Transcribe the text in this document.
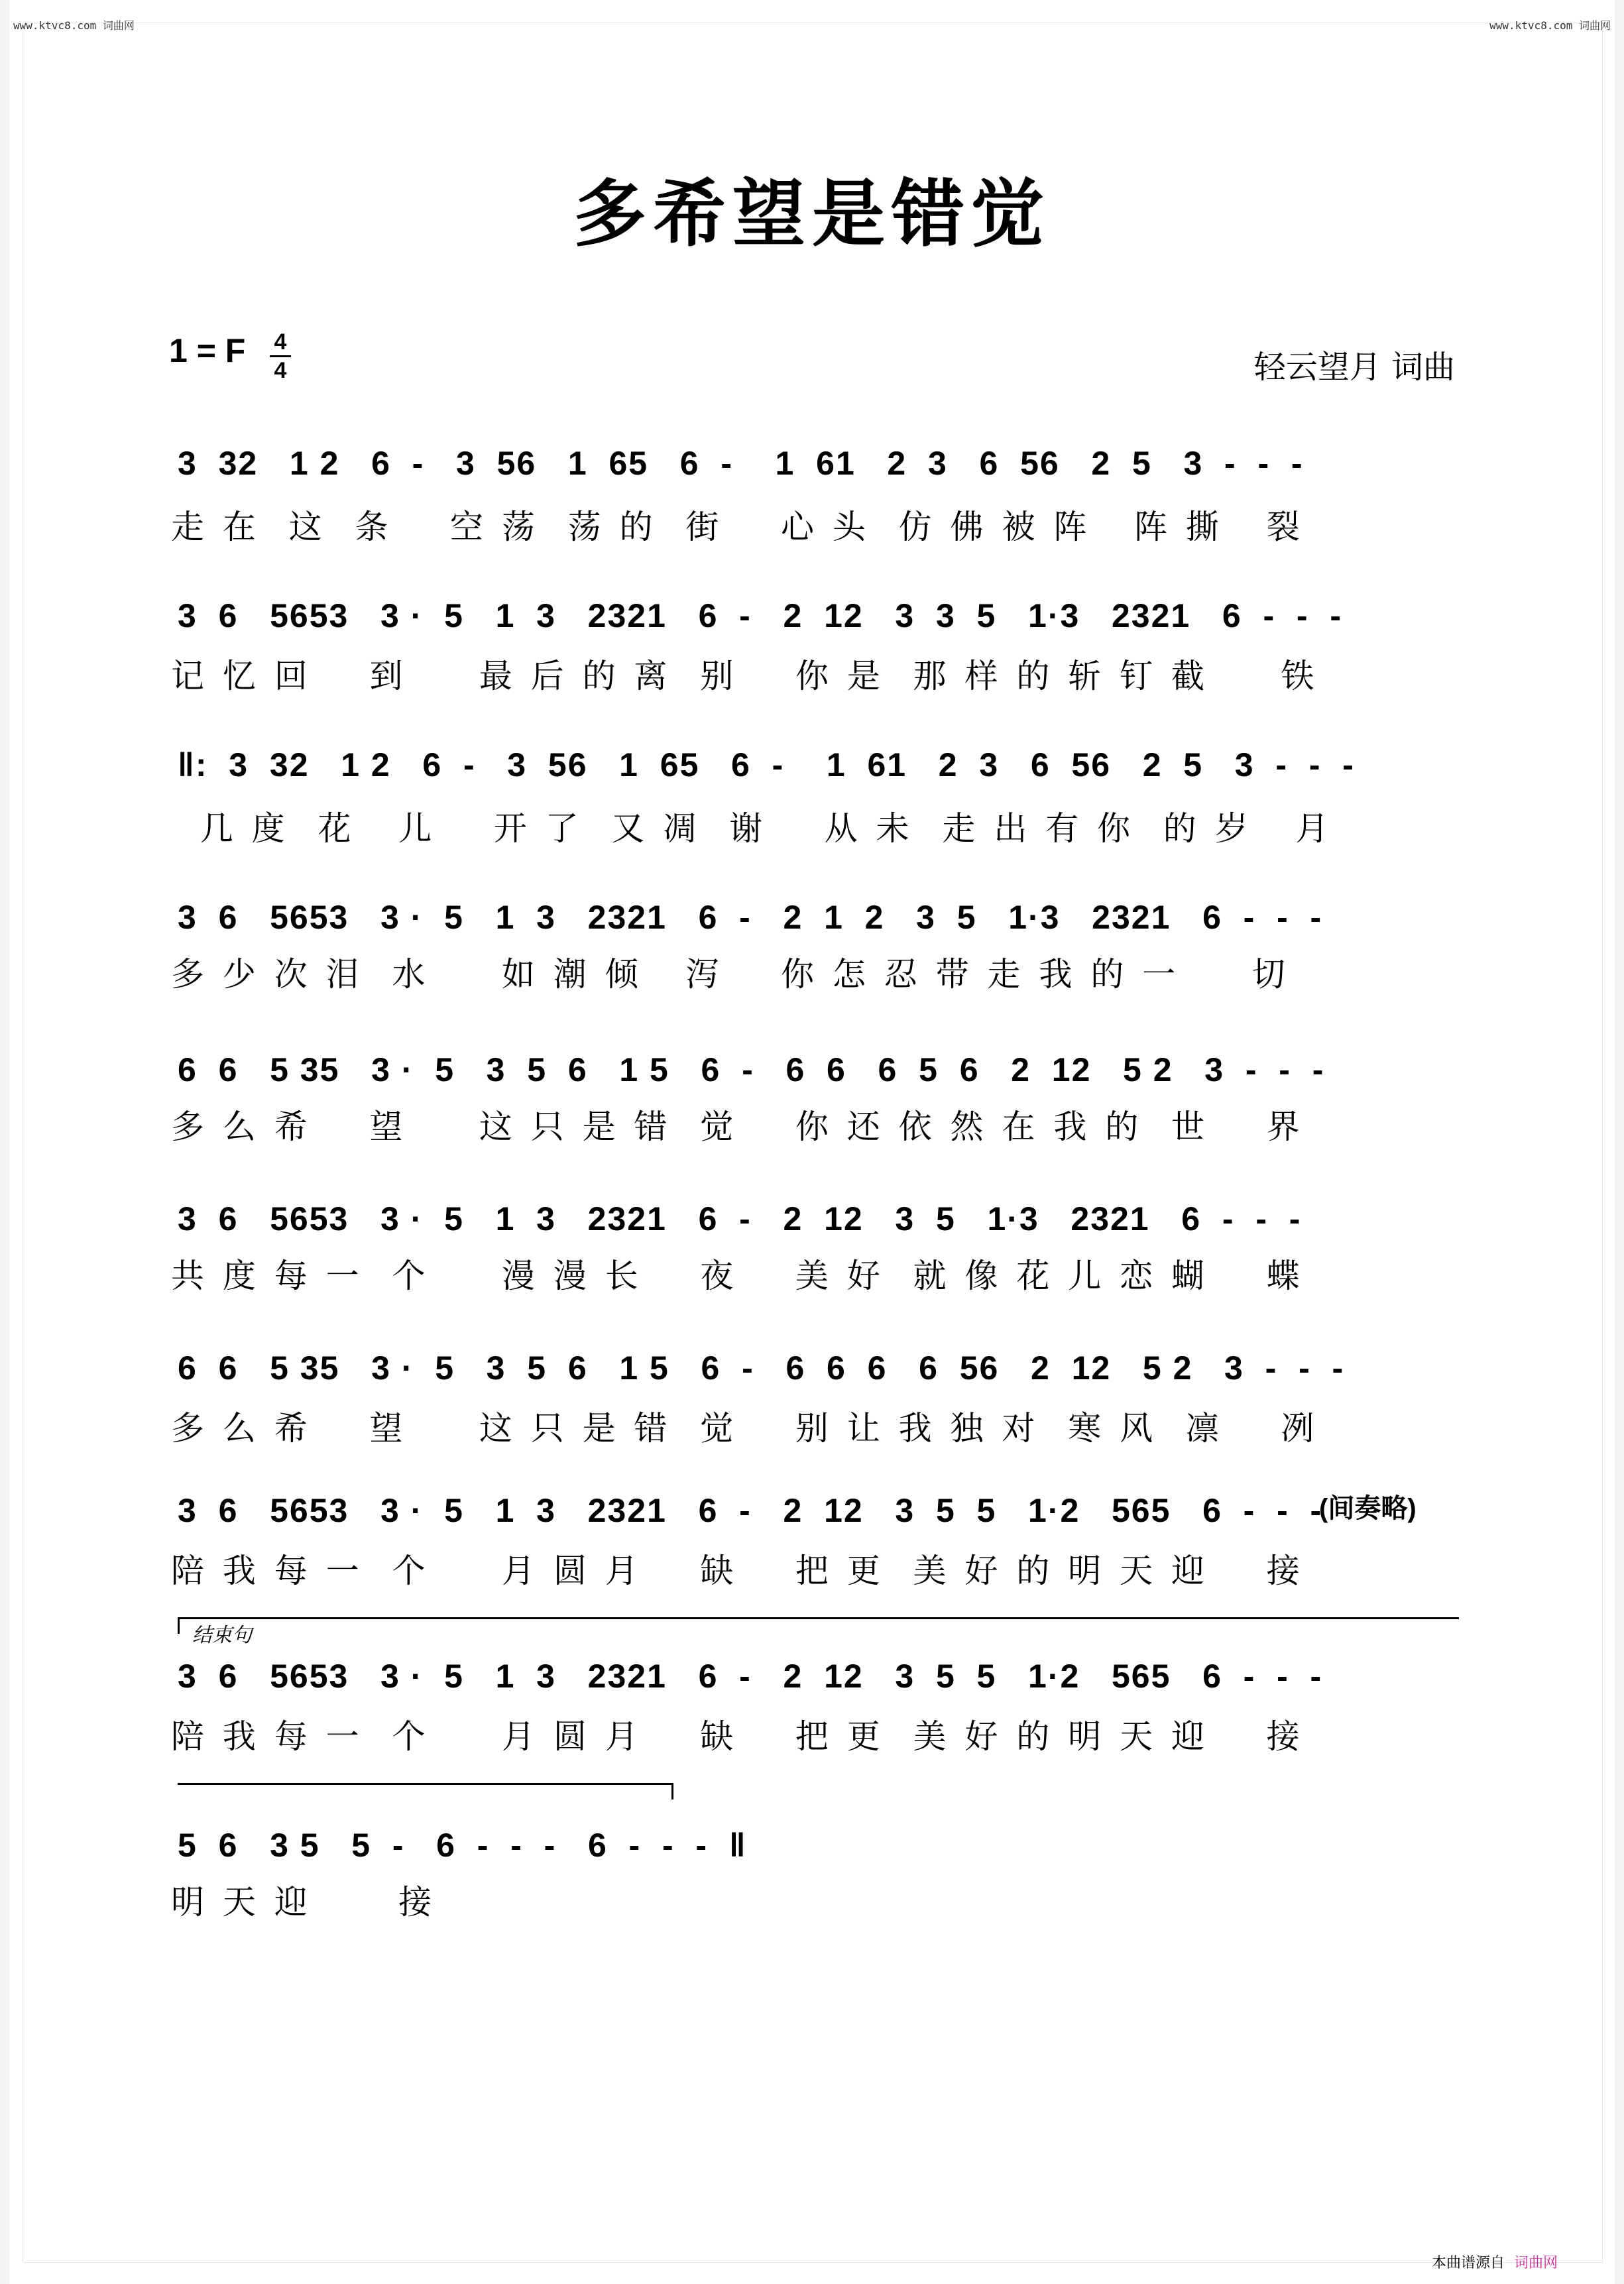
www.ktvc8.com 词曲网	www.ktvc8.com 词曲网
多希望是错觉
1 = F	4
4	轻云望月 词曲
3  32   1 2   6  -   3  56   1  65   6  -    1  61   2  3   6  56   2  5   3  -  -  -
走 在  这  条    空 荡  荡 的  街    心 头  仿 佛 被 阵   阵 撕   裂
3  6   5653   3 ·  5   1  3   2321   6  -   2  12   3  3  5   1·3   2321   6  -  -  -
记 忆 回    到     最 后 的 离  别    你 是  那 样 的 斩 钉 截     铁
‖:  3  32   1 2   6  -   3  56   1  65   6  -    1  61   2  3   6  56   2  5   3  -  -  -
几 度  花   儿    开 了  又 凋  谢    从 未  走 出 有 你  的 岁   月
3  6   5653   3 ·  5   1  3   2321   6  -   2  1  2   3  5   1·3   2321   6  -  -  -
多 少 次 泪  水     如 潮 倾   泻    你 怎 忍 带 走 我 的 一     切
6  6   5 35   3 ·  5   3  5  6   1 5   6  -   6  6   6  5  6   2  12   5 2   3  -  -  -
多 么 希    望     这 只 是 错  觉    你 还 依 然 在 我 的  世    界
3  6   5653   3 ·  5   1  3   2321   6  -   2  12   3  5   1·3   2321   6  -  -  -
共 度 每 一  个     漫 漫 长    夜    美 好  就 像 花 儿 恋 蝴    蝶
6  6   5 35   3 ·  5   3  5  6   1 5   6  -   6  6  6   6  56   2  12   5 2   3  -  -  -
多 么 希    望     这 只 是 错  觉    别 让 我 独 对  寒 风  凛    冽
3  6   5653   3 ·  5   1  3   2321   6  -   2  12   3  5  5   1·2   565   6  -  -  -
(间奏略)
陪 我 每 一  个     月 圆 月    缺    把 更  美 好 的 明 天 迎    接
结束句
3  6   5653   3 ·  5   1  3   2321   6  -   2  12   3  5  5   1·2   565   6  -  -  -
陪 我 每 一  个     月 圆 月    缺    把 更  美 好 的 明 天 迎    接
5  6   3 5   5  -   6  -  -  -   6  -  -  -  ‖
明 天 迎      接
本曲谱源自 词曲网
